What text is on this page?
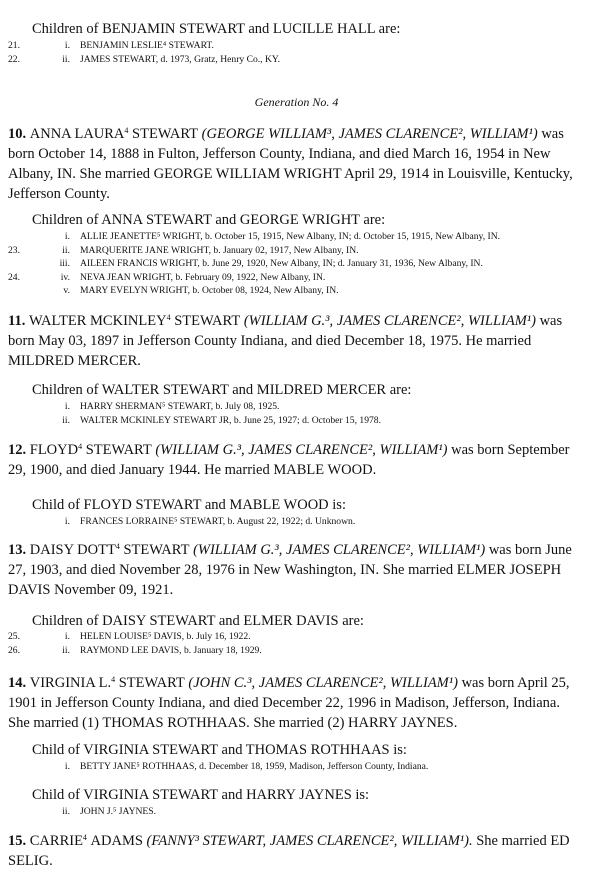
Children of BENJAMIN STEWART and LUCILLE HALL are:
21.	i. BENJAMIN LESLIE⁴ STEWART.
22.	ii. JAMES STEWART, d. 1973, Gratz, Henry Co., KY.
Generation No. 4
10. ANNA LAURA$^4$ STEWART (GEORGE WILLIAM³, JAMES CLARENCE², WILLIAM¹) was born October 14, 1888 in Fulton, Jefferson County, Indiana, and died March 16, 1954 in New Albany, IN. She married GEORGE WILLIAM WRIGHT April 29, 1914 in Louisville, Kentucky, Jefferson County.
Children of ANNA STEWART and GEORGE WRIGHT are:
i. ALLIE JEANETTE⁵ WRIGHT, b. October 15, 1915, New Albany, IN; d. October 15, 1915, New Albany, IN.
23.	ii. MARQUERITE JANE WRIGHT, b. January 02, 1917, New Albany, IN.
iii. AILEEN FRANCIS WRIGHT, b. June 29, 1920, New Albany, IN; d. January 31, 1936, New Albany, IN.
24.	iv. NEVA JEAN WRIGHT, b. February 09, 1922, New Albany, IN.
v. MARY EVELYN WRIGHT, b. October 08, 1924, New Albany, IN.
11. WALTER MCKINLEY$^4$ STEWART (WILLIAM G.³, JAMES CLARENCE², WILLIAM¹) was born May 03, 1897 in Jefferson County Indiana, and died December 18, 1975. He married MILDRED MERCER.
Children of WALTER STEWART and MILDRED MERCER are:
i. HARRY SHERMAN⁵ STEWART, b. July 08, 1925.
ii. WALTER MCKINLEY STEWART JR, b. June 25, 1927; d. October 15, 1978.
12. FLOYD$^4$ STEWART (WILLIAM G.³, JAMES CLARENCE², WILLIAM¹) was born September 29, 1900, and died January 1944. He married MABLE WOOD.
Child of FLOYD STEWART and MABLE WOOD is:
i. FRANCES LORRAINE⁵ STEWART, b. August 22, 1922; d. Unknown.
13. DAISY DOTT$^4$ STEWART (WILLIAM G.³, JAMES CLARENCE², WILLIAM¹) was born June 27, 1903, and died November 28, 1976 in New Washington, IN. She married ELMER JOSEPH DAVIS November 09, 1921.
Children of DAISY STEWART and ELMER DAVIS are:
25.	i. HELEN LOUISE⁵ DAVIS, b. July 16, 1922.
26.	ii. RAYMOND LEE DAVIS, b. January 18, 1929.
14. VIRGINIA L.$^4$ STEWART (JOHN C.³, JAMES CLARENCE², WILLIAM¹) was born April 25, 1901 in Jefferson County Indiana, and died December 22, 1996 in Madison, Jefferson, Indiana. She married (1) THOMAS ROTHHAAS. She married (2) HARRY JAYNES.
Child of VIRGINIA STEWART and THOMAS ROTHHAAS is:
i. BETTY JANE⁵ ROTHHAAS, d. December 18, 1959, Madison, Jefferson County, Indiana.
Child of VIRGINIA STEWART and HARRY JAYNES is:
ii. JOHN J.⁵ JAYNES.
15. CARRIE$^4$ ADAMS (FANNY³ STEWART, JAMES CLARENCE², WILLIAM¹). She married ED SELIG.
